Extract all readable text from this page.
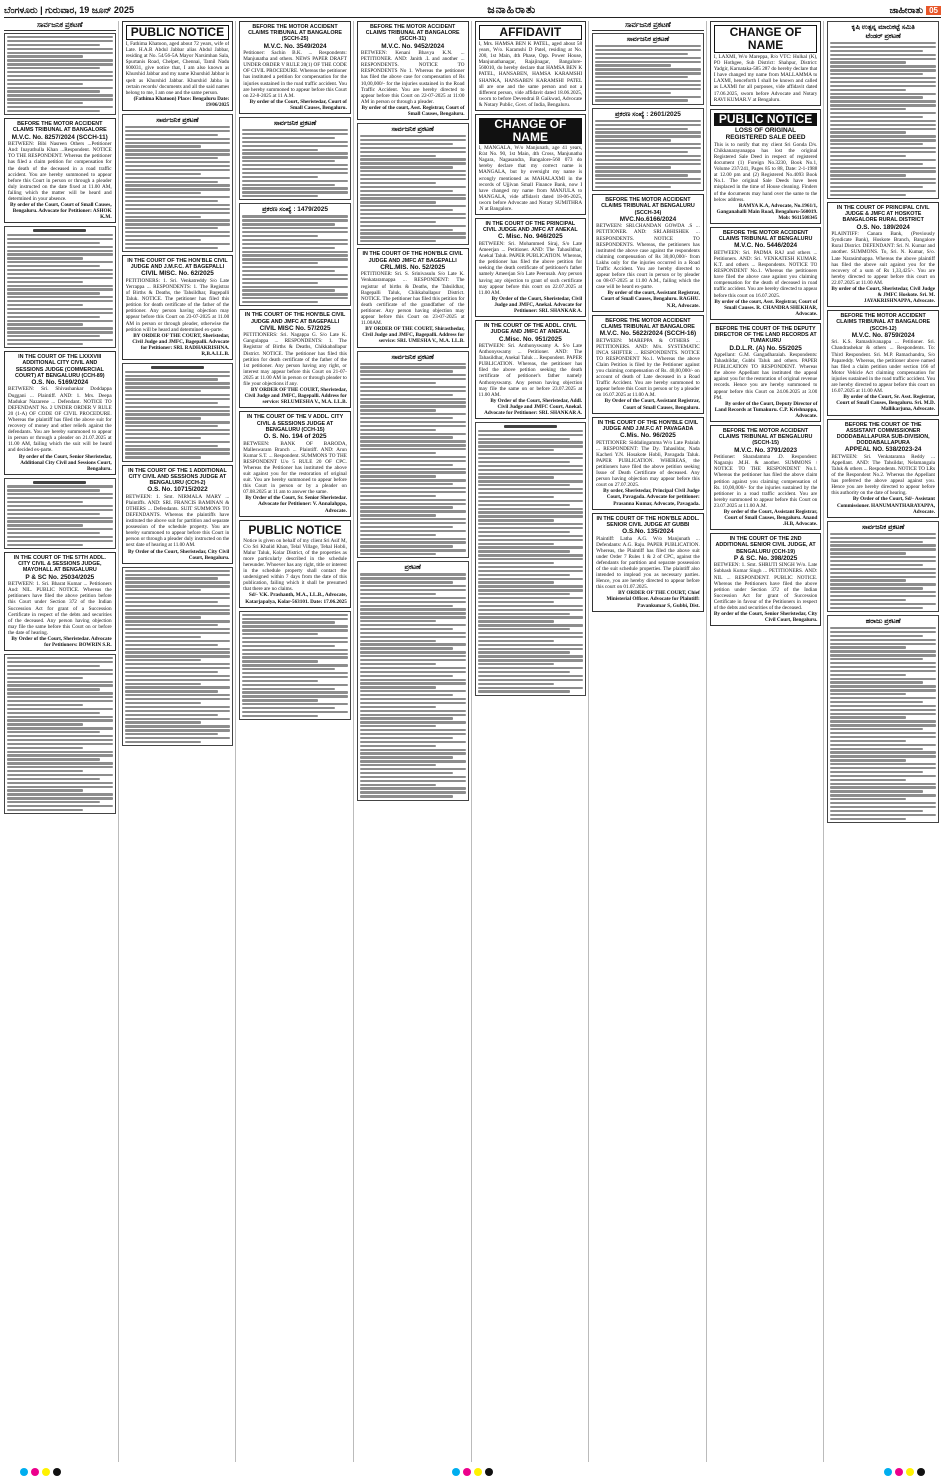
ಬೆಂಗಳೂರು | ಗುರುವಾರ, 19 ಜೂನ್ 2025	ಜನಾಹಿರಾತು	ಜಾಹೀರಾತು 05
ಸಾರ್ವಜನಿಕ ಪ್ರಕಟಣೆ
BEFORE THE MOTOR ACCIDENT CLAIMS TRIBUNAL AT BANGALORE
M.V.C. No. 8257/2024 (SCCH-11)
BETWEEN: Bibi Nasreen Others ...Petitioner And: Inayathulla Khan ...Respondent. NOTICE TO THE RESPONDENT. Whereas the petitioner has filed a claim petition for compensation for the death of the deceased in a road traffic accident. You are hereby summoned to appear before this Court in person or through a pleader duly instructed on the date fixed at 11.00 AM, failing which the matter will be heard and determined in your absence.
By order of the Court, Court of Small Causes, Bengaluru. Advocate for Petitioner: ASHOK K.M.
IN THE COURT OF THE LXXXVIII ADDITIONAL CITY CIVIL AND SESSIONS JUDGE (COMMERCIAL COURT) AT BENGALURU (CCH-89)
O.S. No. 5169/2024
BETWEEN: Sri. Shivashankar Doddappa Duggani ... Plaintiff. AND: 1. Mrs. Deepa Madukar Nazarene ... Defendant. NOTICE TO DEFENDANT No. 2 UNDER ORDER V RULE 20 (1-A) OF CODE OF CIVIL PROCEDURE. Whereas the plaintiff has filed the above suit for recovery of money and other reliefs against the defendants. You are hereby summoned to appear in person or through a pleader on 21.07.2025 at 11.00 AM, failing which the suit will be heard and decided ex-parte.
By order of the Court, Senior Sheristedar, Additional City Civil and Sessions Court, Bengaluru.
IN THE COURT OF THE 57TH ADDL. CITY CIVIL & SESSIONS JUDGE, MAYOHALL AT BENGALURU
P & SC No. 25034/2025
BETWEEN: 1. Sri. Bharat Kumar ... Petitioners And: NIL. PUBLIC NOTICE. Whereas the petitioners have filed the above petition before this Court under Section 372 of the Indian Succession Act for grant of a Succession Certificate in respect of the debts and securities of the deceased. Any person having objection may file the same before this Court on or before the date of hearing.
By Order of the Court, Sheristedar. Advocate for Petitioners: BOWRIN S.R.
PUBLIC NOTICE
I, Fathima Khatoon, aged about 72 years, wife of Late. H.A.R Abdul Jabbar alias Abdul Jabbar, residing at No. 54/56-5A Mayor Narsimhan Sala, Spurtanis Road, Chelpet, Chennai, Tamil Nadu 600031, give notice that, I am also known as Khurshid Jabbar and my name Khurshid Jabbar is spelt as Khurshid Jabbar. Khurshid Jabba in certain records/ documents and all the said names belong to me, I am one and the same person.
(Fathima Khatoon) Place: Bengaluru Date: 19/06/2025
ಸಾರ್ವಜನಿಕ ಪ್ರಕಟಣೆ
IN THE COURT OF THE HON'BLE CIVIL JUDGE AND J.M.F.C. AT BAGEPALLI
CIVIL MISC. No. 62/2025
PETITIONERS: 1. Sri. Venkatreddy S/o Late Yerrappa ... RESPONDENTS: 1. The Registrar of Births & Deaths, the Tahsildhar, Bagepalli Taluk. NOTICE. The petitioner has filed this petition for death certificate of the father of the petitioner. Any person having objection may appear before this Court on 23-07-2025 at 11.00 AM in person or through pleader, otherwise the petition will be heard and determined ex-parte.
BY ORDER OF THE COURT, Sheristedar, Civil Judge and JMFC, Bagepalli. Advocate for Petitioner: SRI. RADHAKRISHNA. R,B.A.LL.B.
IN THE COURT OF THE 1 ADDITIONAL CITY CIVIL AND SESSIONS JUDGE AT BENGALURU (CCH-2)
O.S. No. 10715/2022
BETWEEN: 1. Smt. NIRMALA MARY ... Plaintiffs. AND: SRI. FRANCIS BAMINAN & OTHERS ... Defendants. SUIT SUMMONS TO DEFENDANTS. Whereas the plaintiffs have instituted the above suit for partition and separate possession of the schedule property. You are hereby summoned to appear before this Court in person or through a pleader duly instructed on the next date of hearing at 11.00 AM.
By Order of the Court, Sheristedar, City Civil Court, Bengaluru.
BEFORE THE MOTOR ACCIDENT CLAIMS TRIBUNAL AT BANGALORE (SCCH-25)
M.V.C. No. 3549/2024
Petitioner: Sachin B.K. ... Respondents: Manjunatha and others. NEWS PAPER DRAFT UNDER ORDER V RULE 20(1) OF THE CODE OF CIVIL PROCEDURE. Whereas the petitioner has instituted a petition for compensation for the injuries sustained in the road traffic accident. You are hereby summoned to appear before this Court on 22-8-2025 at 11 A.M.
By order of the Court, Sheristedar, Court of Small Causes, Bengaluru.
ಸಾರ್ವಜನಿಕ ಪ್ರಕಟಣೆ
ಪ್ರಕರಣ ಸಂಖ್ಯೆ : 1479/2025
IN THE COURT OF THE HON'BLE CIVIL JUDGE AND JMFC AT BAGEPALLI
CIVIL MISC No. 57/2025
PETITIONERS: Sri. Nagappa G. S/o Late K. Gangulappa ... RESPONDENTS: 1. The Registrar of Births & Deaths, Chikkaballapur District. NOTICE. The petitioner has filed this petition for death certificate of the father of the 1st petitioner. Any person having any right, or interest may appear before this Court on 21-07-2025 at 11.00 AM in person or through pleader to file your objections if any.
BY ORDER OF THE COURT, Sheristedar, Civil Judge and JMFC, Bagepalli. Address for service: SRI.UMESHA V., M.A. LL.B.
IN THE COURT OF THE V ADDL. CITY CIVIL & SESSIONS JUDGE AT BENGALURU (CCH-15)
O. S. No. 194 of 2025
BETWEEN: BANK OF BARODA, Malleswaram Branch ... Plaintiff. AND: Arun Kumar S.T. ... Respondent. SUMMONS TO THE RESPONDENT U/o 5 RULE 20 OF CPC. Whereas the Petitioner has instituted the above suit against you for the restoration of original suit. You are hereby summoned to appear before this Court in person or by a pleader on 07.08.2025 at 11 am to answer the same.
By Order of the Court, Sr. Senior Sheristedar. Advocate for Petitioner: V. Annalahppa, Advocate.
PUBLIC NOTICE
Notice is given on behalf of my client Sri Asif M, C/o Sri Khalid Khan, Telal Village, Tehal Hobli, Malur Taluk, Kolar District, of the properties as more particularly described in the schedule hereunder. Whoever has any right, title or interest in the schedule property shall contact the undersigned within 7 days from the date of this publication, failing which it shall be presumed that there are no claims.
Sd/- V.K. Prashanth, M.A., LL.B., Advocate, Katarjapalya, Kolar-563101. Date: 17.06.2025
BEFORE THE MOTOR ACCIDENT CLAIMS TRIBUNAL AT BANGALORE (SCCH-31)
M.V.C. No. 9452/2024
BETWEEN: Kenani Bhavya K.N. ... PETITIONER. AND: Janith .L and another ... RESPONDENTS. NOTICE TO RESPONDENTS No 1. Whereas the petitioner has filed the above case for compensation of Rs 10,00,000/- for the injuries sustained in the Road Traffic Accident. You are hereby directed to appear before this Court on 22-07-2025 at 11:00 AM in person or through a pleader.
By order of the court, Asst. Registrar, Court of Small Causes, Bengaluru.
ಸಾರ್ವಜನಿಕ ಪ್ರಕಟಣೆ
IN THE COURT OF THE HON'BLE CIVIL JUDGE AND JMFC AT BAGEPALLI
CRL.MIS. No. 52/2025
PETITIONER: Sri. S. Srinivasulu S/o Late K. Venkataramappa ... RESPONDENT: The registrar of births & Deaths, the Tahsildhar, Bagepalli Taluk, Chikkaballapur District. NOTICE. The petitioner has filed this petition for death certificate of the grandfather of the petitioner. Any person having objection may appear before this Court on 23-07-2025 at 11.00AM.
BY ORDER OF THE COURT, Shirasthedar, Civil Judge and JMFC, Bagepalli. Address for service: SRI. UMESHA V., M.A. LL.B.
ಸಾರ್ವಜನಿಕ ಪ್ರಕಟಣೆ
ಪ್ರಕಟಣೆ
AFFIDAVIT
I, Mrs. HAMSA BEN K PATEL, aged about 58 years, W/o. Karamshi D Patel, residing at No. 200, 1st Main, 4th Phase, Opp. Power House, Manjunathanagar, Rajajinagar, Bangalore-560010, do hereby declare that HAMSA BEN K PATEL, HANSABEN, HAMSA KARAMSHI SHANKA, HANSABEN KARAMSHI PATEL all are one and the same person and not a different person, vide affidavit dated 18.06.2025, sworn to before Devendrai B Gaikwad, Advocate & Notary Public, Govt. of India, Bengaluru.
CHANGE OF NAME
I, MANGALA, W/o Manjunath, age 41 years, R/at No. 90, 1st Main, 4th Cross, Manjunatha Nagara, Nagasandra, Bangalore-560 073 do hereby declare that my correct name is MANGALA, but by oversight my name is wrongly mentioned as MAHALAXMI in the records of Ujjivan Small Finance Bank, now I have changed my name from MANJULA to MANGALA, vide affidavit dated 18-06-2025, sworn before Advocate and Notary SUMITHRA .N at Bangalore.
IN THE COURT OF THE PRINCIPAL CIVIL JUDGE AND JMFC AT ANEKAL
C. Misc. No. 946/2025
BETWEEN: Sri. Mohammed Siraj, S/o Late Ameerjan ... Petitioner. AND: The Tahasildhar, Anekal Taluk. PAPER PUBLICATION. Whereas, the petitioner has filed the above petition for seeking the death certificate of petitioner's father namely Ameerjan S/o Late Peerusab. Any person having any objection to grant of such certificate may appear before this court on 22.07.2025 at 11.00 AM.
By Order of the Court, Sheristedar, Civil Judge and JMFC, Anekal. Advocate for Petitioner: SRI. SHANKAR A.
IN THE COURT OF THE ADDL. CIVIL JUDGE AND JMFC AT ANEKAL
C.Misc. No. 951/2025
BETWEEN: Sri. Anthonyswamy A. S/o Late Anthonyswamy ... Petitioner. AND: The Tahasildhar, Anekal Taluk ... Respondent. PAPER PUBLICATION. Whereas, the petitioner has filed the above petition seeking the death certificate of petitioner's father namely Anthonyswamy. Any person having objection may file the same on or before 23.07.2025 at 11.00 AM.
By Order of the Court, Sheristedar, Addl. Civil Judge and JMFC Court, Anekal. Advocate for Petitioner: SRI. SHANKAR A.
ಸಾರ್ವಜನಿಕ ಪ್ರಕಟಣೆ
ಸಾರ್ವಜನಿಕ ಪ್ರಕಟಣೆ
ಪ್ರಕರಣ ಸಂಖ್ಯೆ : 2601/2025
BEFORE THE MOTOR ACCIDENT CLAIMS TRIBUNAL AT BENGALURU (SCCH-34)
MVC.No.6166/2024
BETWEEN: SRI.CHANDAN GOWDA .S ... PETITIONER. AND: SRI.ABHISHEK ... RESPONDENTS. NOTICE TO RESPONDENTS. Whereas, the petitioners has instituted the above case against the respondents claiming compensation of Rs 30,00,000/- from Lakhs only for the injuries occurred in a Road Traffic Accident. You are hereby directed to appear before this court in person or by pleader on 08-07-2025 at 11.00 A.M., failing which the case will be heard ex-parte.
By order of the court, Assistant Registrar, Court of Small Causes, Bengaluru. RAGHU. N.R, Advocate.
BEFORE THE MOTOR ACCIDENT CLAIMS TRIBUNAL AT BANGALORE
M.V.C. No. 5622/2024 (SCCH-16)
BETWEEN: MAREPPA & OTHERS ... PETITIONERS. AND: M/s. SYSTEMATIC INCA SHIFTER ... RESPONDENTS. NOTICE TO RESPONDENT No.1. Whereas the above Claim Petition is filed by the Petitioner against you claiming compensation of Rs. 40,00,000/- on account of death of Late deceased in a Road Traffic Accident. You are hereby summoned to appear before this Court in person or by a pleader on 16.07.2025 at 11.00 A.M.
By Order of the Court, Assistant Registrar, Court of Small Causes, Bengaluru.
IN THE COURT OF THE HON'BLE CIVIL JUDGE AND J.M.F.C AT PAVAGADA
C.Mis. No. 96/2025
PETITIONER: Siddalingamma W/o Late Palaiah ... RESPONDENT: The Dy. Tahasildar, Nada Kacheri Y.N. Hosakote Hobli, Pavagada Taluk. PAPER PUBLICATION. WHEREAS, the petitioners have filed the above petition seeking Issue of Death Certificate of deceased. Any person having objection may appear before this court on 27.07.2025.
By order, Sheristedar, Principal Civil Judge Court, Pavagada. Advocate for petitioner: Prasanna Kumar, Advocate, Pavagada.
IN THE COURT OF THE HON'BLE ADDL. SENIOR CIVIL JUDGE AT GUBBI
O.S.No. 135/2024
Plaintiff: Latha A.G. W/o Manjunath ... Defendants: A.G. Raju. PAPER PUBLICATION. Whereas, the Plaintiff has filed the above suit under Order 7 Rules 1 & 2 of CPC, against the defendants for partition and separate possession of the suit schedule properties. The plaintiff also intended to implead you as necessary parties. Hence, you are hereby directed to appear before this court on 01.07.2025.
BY ORDER OF THE COURT, Chief Ministerial Officer. Advocate for Plaintiff: Pavankumar S, Gubbi, Dist.
CHANGE OF NAME
I, LAXMI, W/o Mareppa, R/o VTC: Hulkal (K), PO Hothgee, Sub District: Shahpur, District: Yadgir, Karnataka-585 287 do hereby declare that I have changed my name from MALLAMMA to LAXMI, henceforth I shall be known and called as LAXMI for all purposes, vide affidavit dated 17.06.2025, sworn before Advocate and Notary RAVI KUMAR.V at Bengaluru.
PUBLIC NOTICE
LOSS OF ORIGINAL REGISTERED SALE DEED
This is to notify that my client Sri Gonda D/s. Chikkanarayanappa has lost the original Registered Sale Deed in respect of registered document (1) Foreign No.3230, Book No.1, Volume 237/241, Pages 85 to 88, Date: 2-1-1988 at 12.00 pm and (2) Registered No.4093 Book No.1. The original Sale Deeds have been misplaced in the time of House cleaning. Finders of the documents may hand over the same to the below address.
RAMYA K.A, Advocate, No.1961/1, Ganganahalli Main Road, Bengaluru-560019. Mob: 9611508345
BEFORE THE MOTOR ACCIDENT CLAIMS TRIBUNAL AT BENGALURU
M.V.C. No. 5446/2024
BETWEEN: Sri. PADMA RAJ and others ... Petitioners. AND: Sri. VENKATESH KUMAR. K.T. and others ... Respondents. NOTICE TO RESPONDENT No.1. Whereas the petitioners have filed the above case against you claiming compensation for the death of deceased in road traffic accident. You are hereby directed to appear before this court on 16.07.2025.
By order of the court, Asst. Registrar, Court of Small Causes. R. CHANDRA SHEKHAR, Advocate.
BEFORE THE COURT OF THE DEPUTY DIRECTOR OF THE LAND RECORDS AT TUMAKURU
D.D.L.R. (A) No. 55/2025
Appellant: G.M. Gangadharaiah. Respondents: Tahashildar, Gubbi Taluk and others. PAPER PUBLICATION TO RESPONDENT. Whereas the above Appellant has instituted the appeal against you for the restoration of original revenue records. Hence you are hereby summoned to appear before this Court on 24.06.2025 at 3.00 PM.
By order of the Court, Deputy Director of Land Records at Tumakuru. C.P. Krishnappa, Advocate.
BEFORE THE MOTOR ACCIDENT CLAIMS TRIBUNAL AT BENGALURU (SCCH-15)
M.V.C. No. 3791/2023
Petitioner: Sharadamma .D. Respondent: Nagaraju .M.H. & another. SUMMONS / NOTICE TO THE RESPONDENT No.1. Whereas the petitioner has filed the above claim petition against you claiming compensation of Rs. 10,00,000/- for the injuries sustained by the petitioner in a road traffic accident. You are hereby summoned to appear before this Court on 23.07.2025 at 11.00 A.M.
By order of the Court, Assistant Registrar, Court of Small Causes, Bengaluru. Anand .H.B, Advocate.
IN THE COURT OF THE 2ND ADDITIONAL SENIOR CIVIL JUDGE, AT BENGALURU (CCH-19)
P & SC. No. 398/2025
BETWEEN: 1. Smt. SHRUTI SINGH W/o. Late Subhash Kumar Singh ... PETITIONERS. AND: NIL ... RESPONDENT. PUBLIC NOTICE. Whereas the Petitioners have filed the above petition under Section 372 of the Indian Succession Act for grant of Succession Certificate in favour of the Petitioners in respect of the debts and securities of the deceased.
By order of the Court, Senior Sheristedar, City Civil Court, Bengaluru.
ಕೃಷಿ ಉತ್ಪನ್ನ ಮಾರುಕಟ್ಟೆ ಸಮಿತಿ
ಟೆಂಡರ್ ಪ್ರಕಟಣೆ
IN THE COURT OF PRINCIPAL CIVIL JUDGE & JMFC AT HOSKOTE BANGALORE RURAL DISTRICT
O.S. No. 189/2024
PLAINTIFF: Canara Bank, (Previously Syndicate Bank), Hoskote Branch, Bangalore Rural District. DEFENDANT: Sri. N. Kumar and another. SUMMONS. To, Sri. N. Kumar, S/o. Late Narasimhappa. Whereas the above plaintiff has filed the above suit against you for the recovery of a sum of Rs 1,33,425/-. You are hereby directed to appear before this court on 22.07.2025 at 11.00 AM.
By order of the Court, Sheristedar, Civil Judge & JMFC Hoskote. Sri. M. JAYAKRISHNAPPA, Advocate.
BEFORE THE MOTOR ACCIDENT CLAIMS TRIBUNAL AT BANGALORE (SCCH-12)
M.V.C. No. 8759/2024
Sri. K.S. Ramashivanappa ... Petitioner. Sri. Chandrashekar & others ... Respondents. To: Third Respondent. Sri. M.P. Ramachandra, S/o Papareddy. Whereas, the petitioner above named has filed a claim petition under section 166 of Motor Vehicle Act claiming compensation for injuries sustained in the road traffic accident. You are hereby directed to appear before this court on 16.07.2025 at 11.00 AM.
By order of the Court, Sr. Asst. Registrar, Court of Small Causes, Bengaluru. Sri. M.D. Mallikarjuna, Advocate.
BEFORE THE COURT OF THE ASSISTANT COMMISSIONER DODDABALLAPURA SUB-DIVISION, DODDABALLAPURA
APPEAL NO. 538/2023-24
BETWEEN: Sri. Venkatarama Reddy ... Appellant. AND: The Tahsildar, Nelamangala Taluk & others ... Respondents. NOTICE TO LRs of the Respondent No.2. Whereas the Appellant has preferred the above appeal against you. Hence you are hereby directed to appear before this authority on the date of hearing.
By Order of the Court, Sd/- Assistant Commissioner. HANUMANTHARAYAPPA, Advocate.
ಸಾರ್ವಜನಿಕ ಪ್ರಕಟಣೆ
ಹರಾಜು ಪ್ರಕಟಣೆ
